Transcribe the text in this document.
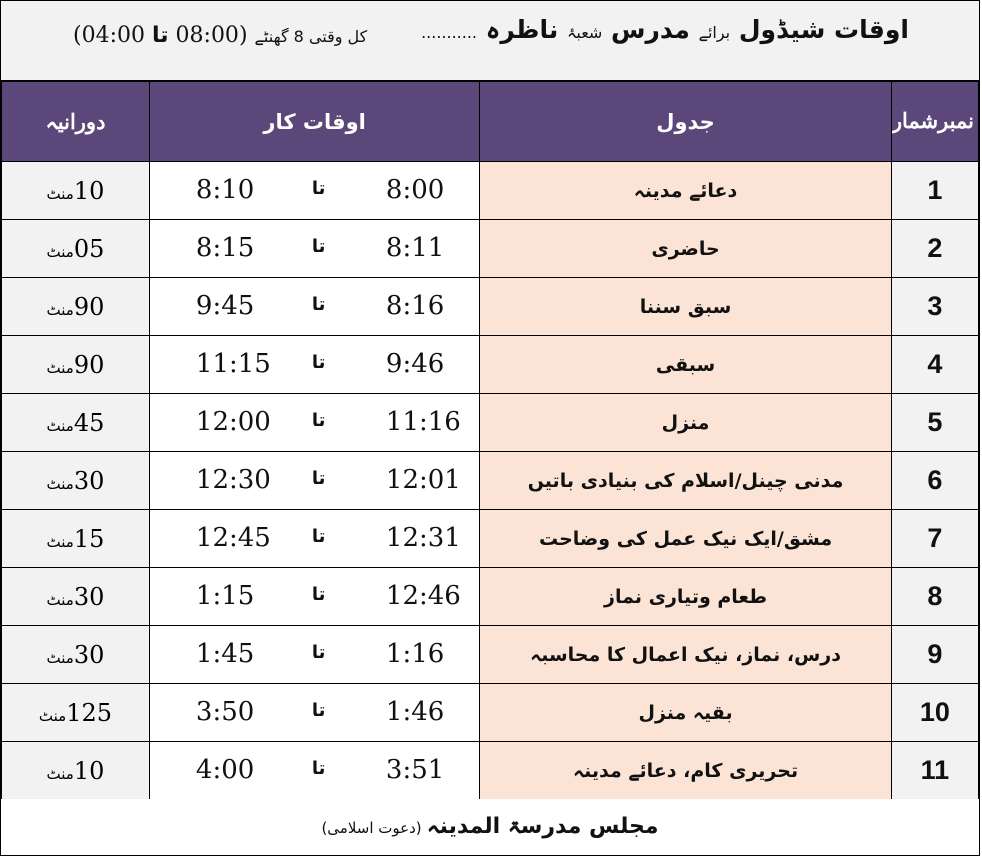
اوقات شیڈول برائے مدرس شعبۂ ناظرہ ...........
کل وقتی 8 گھنٹے (08:00 تا 04:00)
دورانیہ	اوقات کار	جدول	نمبرشمار
10منٹ	8:10 تا 8:00	دعائے مدینہ	1
05منٹ	8:15 تا 8:11	حاضری	2
90منٹ	9:45 تا 8:16	سبق سننا	3
90منٹ	11:15 تا 9:46	سبقی	4
45منٹ	12:00 تا 11:16	منزل	5
30منٹ	12:30 تا 12:01	مدنی چینل/اسلام کی بنیادی باتیں	6
15منٹ	12:45 تا 12:31	مشق/ایک نیک عمل کی وضاحت	7
30منٹ	1:15 تا 12:46	طعام وتیاری نماز	8
30منٹ	1:45 تا 1:16	درس، نماز، نیک اعمال کا محاسبہ	9
125منٹ	3:50 تا 1:46	بقیہ منزل	10
10منٹ	4:00 تا 3:51	تحریری کام، دعائے مدینہ	11
مجلس مدرسۃ المدینہ (دعوت اسلامی)
